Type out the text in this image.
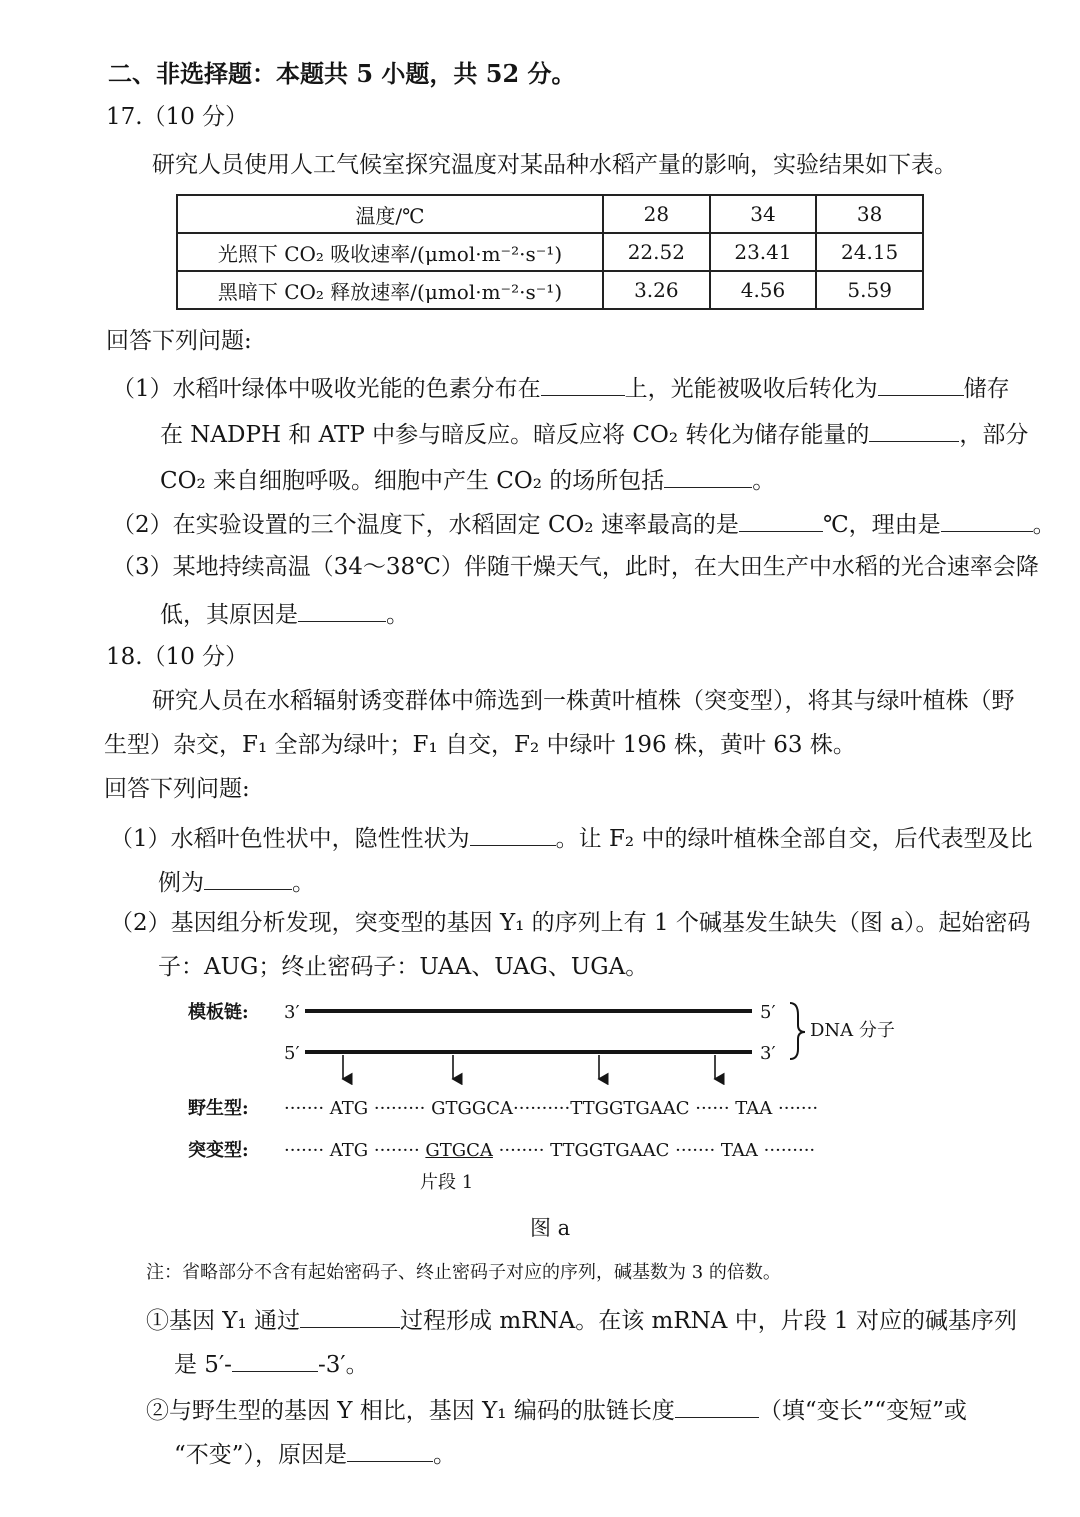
二、非选择题：本题共 5 小题，共 52 分。
17.（10 分）
研究人员使用人工气候室探究温度对某品种水稻产量的影响，实验结果如下表。
温度/℃	28	34	38
光照下 CO₂ 吸收速率/(μmol·m⁻²·s⁻¹)	22.52	23.41	24.15
黑暗下 CO₂ 释放速率/(μmol·m⁻²·s⁻¹)	3.26	4.56	5.59
回答下列问题:
（1）水稻叶绿体中吸收光能的色素分布在	上，光能被吸收后转化为	储存
在 NADPH 和 ATP 中参与暗反应。暗反应将 CO₂ 转化为储存能量的	，部分
CO₂ 来自细胞呼吸。细胞中产生 CO₂ 的场所包括	。
（2）在实验设置的三个温度下，水稻固定 CO₂ 速率最高的是	℃，理由是	。
（3）某地持续高温（34～38℃）伴随干燥天气，此时，在大田生产中水稻的光合速率会降
低，其原因是	。
18.（10 分）
研究人员在水稻辐射诱变群体中筛选到一株黄叶植株（突变型），将其与绿叶植株（野
生型）杂交，F₁ 全部为绿叶；F₁ 自交，F₂ 中绿叶 196 株，黄叶 63 株。
回答下列问题:
（1）水稻叶色性状中，隐性性状为	。让 F₂ 中的绿叶植株全部自交，后代表型及比
例为	。
（2）基因组分析发现，突变型的基因 Y₁ 的序列上有 1 个碱基发生缺失（图 a）。起始密码
子：AUG；终止密码子：UAA、UAG、UGA。
模板链: 3′	5′
5′	3′
DNA 分子
野生型: ······· ATG ········· GTGGCA··········TTGGTGAAC ······ TAA ·······
突变型: ······· ATG ········ GTGCA ········ TTGGTGAAC ······· TAA ·········
片段 1
图 a
注：省略部分不含有起始密码子、终止密码子对应的序列，碱基数为 3 的倍数。
①基因 Y₁ 通过	过程形成 mRNA。在该 mRNA 中，片段 1 对应的碱基序列
是 5′-	-3′。
②与野生型的基因 Y 相比，基因 Y₁ 编码的肽链长度	（填“变长”“变短”或
“不变”），原因是	。
